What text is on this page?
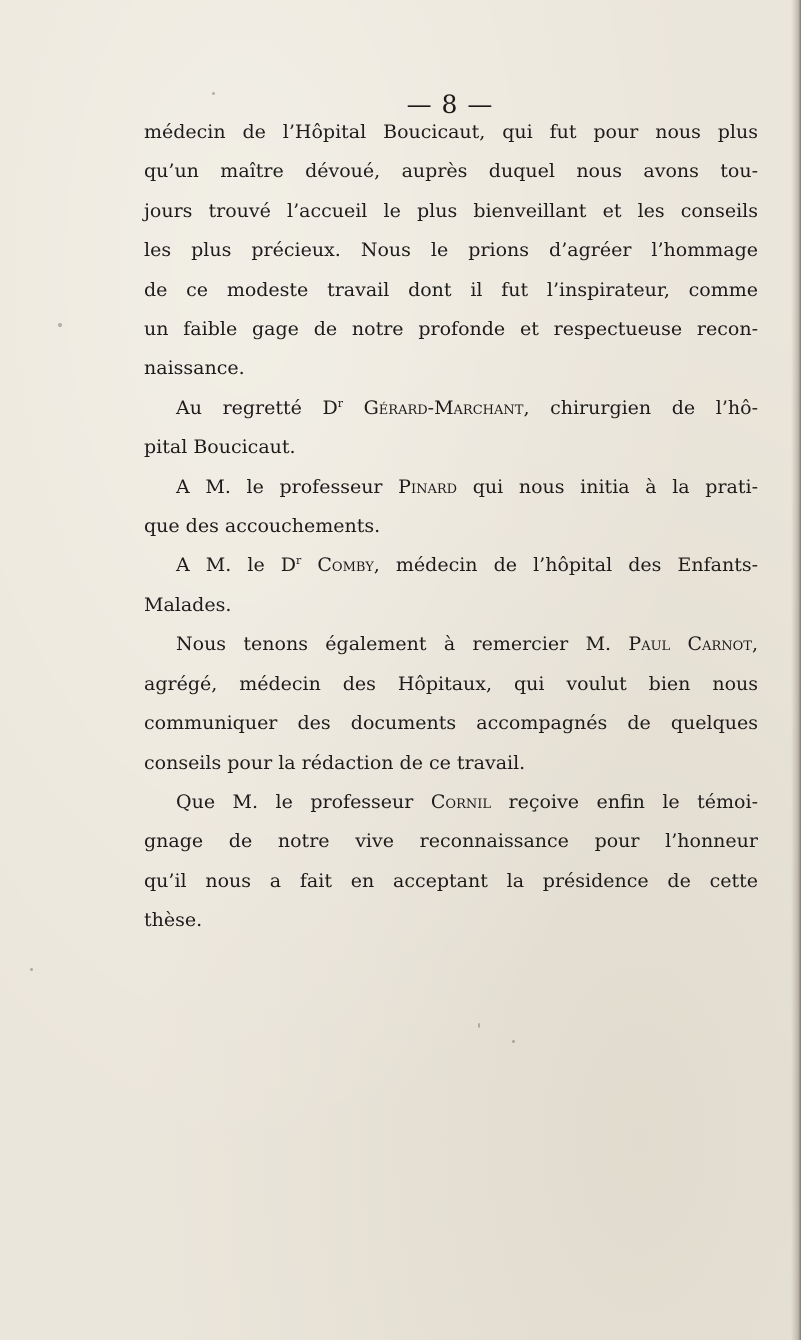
— 8 —
médecin de l’Hôpital Boucicaut, qui fut pour nous plus
qu’un maître dévoué, auprès duquel nous avons tou-
jours trouvé l’accueil le plus bienveillant et les conseils
les plus précieux. Nous le prions d’agréer l’hommage
de ce modeste travail dont il fut l’inspirateur, comme
un faible gage de notre profonde et respectueuse recon-
naissance.
Au regretté $D^r$ Gérard-Marchant, chirurgien de l’hô-
pital Boucicaut.
A M. le professeur Pinard qui nous initia à la prati-
que des accouchements.
A M. le $D^r$ Comby, médecin de l’hôpital des Enfants-
Malades.
Nous tenons également à remercier M. Paul Carnot,
agrégé, médecin des Hôpitaux, qui voulut bien nous
communiquer des documents accompagnés de quelques
conseils pour la rédaction de ce travail.
Que M. le professeur Cornil reçoive enfin le témoi-
gnage de notre vive reconnaissance pour l’honneur
qu’il nous a fait en acceptant la présidence de cette
thèse.
